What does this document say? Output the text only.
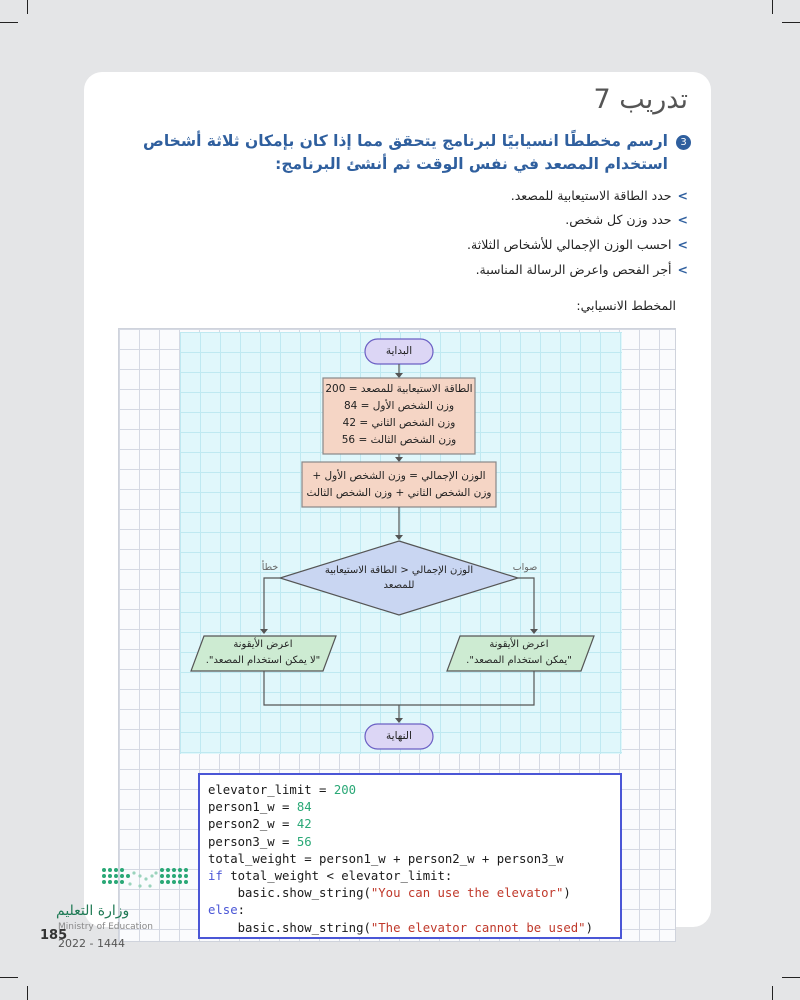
تدريب 7
3
ارسم مخططًا انسيابيًا لبرنامج يتحقق مما إذا كان بإمكان ثلاثة أشخاص استخدام المصعد في نفس الوقت ثم أنشئ البرنامج:
>حدد الطاقة الاستيعابية للمصعد.
>حدد وزن كل شخص.
>احسب الوزن الإجمالي للأشخاص الثلاثة.
>أجر الفحص واعرض الرسالة المناسبة.
المخطط الانسيابي:
البداية
الطاقة الاستيعابية للمصعد = 200
وزن الشخص الأول = 84
وزن الشخص الثاني = 42
وزن الشخص الثالث = 56
الوزن الإجمالي = وزن الشخص الأول +
وزن الشخص الثاني + وزن الشخص الثالث
الوزن الإجمالي < الطاقة الاستيعابية
للمصعد
خطأ	صواب
اعرض الأيقونة
"لا يمكن استخدام المصعد".
اعرض الأيقونة
"يمكن استخدام المصعد".
النهاية
elevator_limit = 200
person1_w = 84
person2_w = 42
person3_w = 56
total_weight = person1_w + person2_w + person3_w
if total_weight < elevator_limit:
basic.show_string("You can use the elevator")
else:
basic.show_string("The elevator cannot be used")
وزارة التعليم
Ministry of Education
185
2022 - 1444
